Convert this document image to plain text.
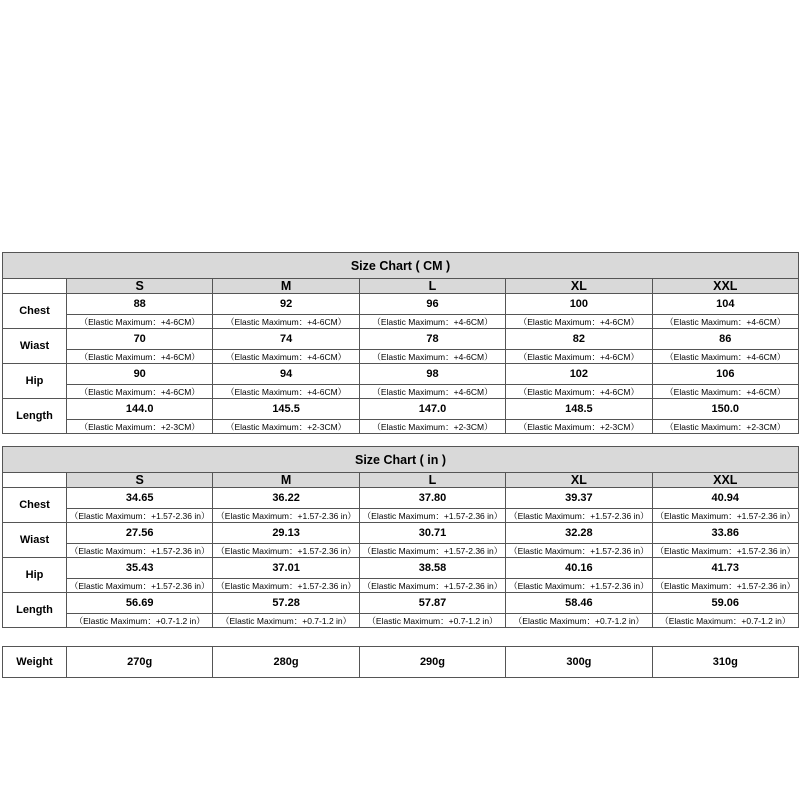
Size Chart ( CM )					
	S	M	L	XL	XXL
Chest	88	92	96	100	104
	（Elastic Maximum：+4-6CM）	（Elastic Maximum：+4-6CM）	（Elastic Maximum：+4-6CM）	（Elastic Maximum：+4-6CM）	（Elastic Maximum：+4-6CM）
Wiast	70	74	78	82	86
	（Elastic Maximum：+4-6CM）	（Elastic Maximum：+4-6CM）	（Elastic Maximum：+4-6CM）	（Elastic Maximum：+4-6CM）	（Elastic Maximum：+4-6CM）
Hip	90	94	98	102	106
	（Elastic Maximum：+4-6CM）	（Elastic Maximum：+4-6CM）	（Elastic Maximum：+4-6CM）	（Elastic Maximum：+4-6CM）	（Elastic Maximum：+4-6CM）
Length	144.0	145.5	147.0	148.5	150.0
	（Elastic Maximum：+2-3CM）	（Elastic Maximum：+2-3CM）	（Elastic Maximum：+2-3CM）	（Elastic Maximum：+2-3CM）	（Elastic Maximum：+2-3CM）
Size Chart ( in )					
	S	M	L	XL	XXL
Chest	34.65	36.22	37.80	39.37	40.94
	（Elastic Maximum：+1.57-2.36 in）	（Elastic Maximum：+1.57-2.36 in）	（Elastic Maximum：+1.57-2.36 in）	（Elastic Maximum：+1.57-2.36 in）	（Elastic Maximum：+1.57-2.36 in）
Wiast	27.56	29.13	30.71	32.28	33.86
	（Elastic Maximum：+1.57-2.36 in）	（Elastic Maximum：+1.57-2.36 in）	（Elastic Maximum：+1.57-2.36 in）	（Elastic Maximum：+1.57-2.36 in）	（Elastic Maximum：+1.57-2.36 in）
Hip	35.43	37.01	38.58	40.16	41.73
	（Elastic Maximum：+1.57-2.36 in）	（Elastic Maximum：+1.57-2.36 in）	（Elastic Maximum：+1.57-2.36 in）	（Elastic Maximum：+1.57-2.36 in）	（Elastic Maximum：+1.57-2.36 in）
Length	56.69	57.28	57.87	58.46	59.06
	（Elastic Maximum：+0.7-1.2 in）	（Elastic Maximum：+0.7-1.2 in）	（Elastic Maximum：+0.7-1.2 in）	（Elastic Maximum：+0.7-1.2 in）	（Elastic Maximum：+0.7-1.2 in）
Weight	270g	280g	290g	300g	310g
